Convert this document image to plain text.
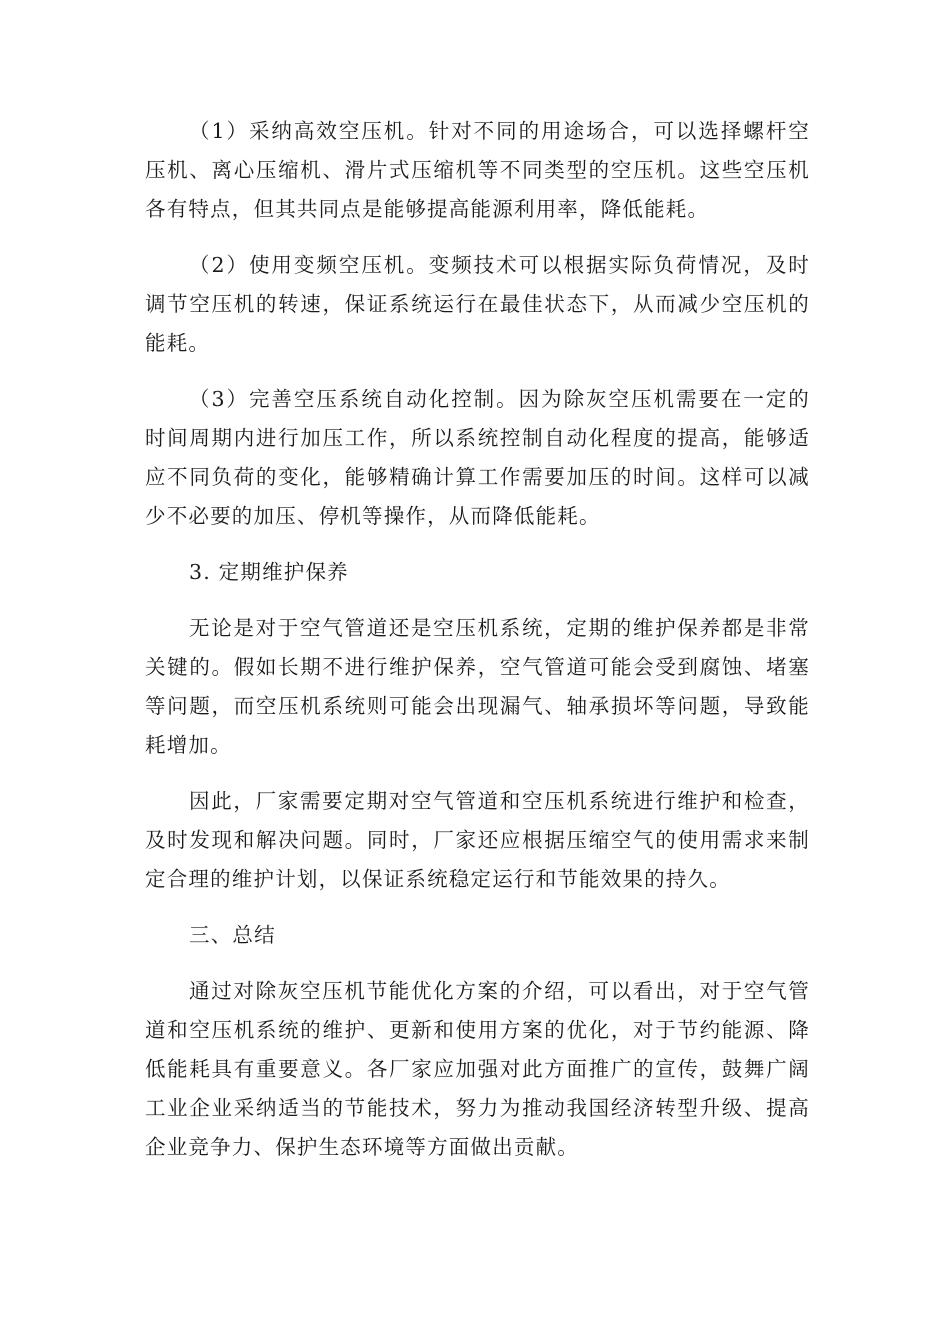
（1）采纳高效空压机。针对不同的用途场合，可以选择螺杆空压机、离心压缩机、滑片式压缩机等不同类型的空压机。这些空压机各有特点，但其共同点是能够提高能源利用率，降低能耗。

（2）使用变频空压机。变频技术可以根据实际负荷情况，及时调节空压机的转速，保证系统运行在最佳状态下，从而减少空压机的能耗。

（3）完善空压系统自动化控制。因为除灰空压机需要在一定的时间周期内进行加压工作，所以系统控制自动化程度的提高，能够适应不同负荷的变化，能够精确计算工作需要加压的时间。这样可以减少不必要的加压、停机等操作，从而降低能耗。

3. 定期维护保养

无论是对于空气管道还是空压机系统，定期的维护保养都是非常关键的。假如长期不进行维护保养，空气管道可能会受到腐蚀、堵塞等问题，而空压机系统则可能会出现漏气、轴承损坏等问题，导致能耗增加。

因此，厂家需要定期对空气管道和空压机系统进行维护和检查，及时发现和解决问题。同时，厂家还应根据压缩空气的使用需求来制定合理的维护计划，以保证系统稳定运行和节能效果的持久。

三、总结

通过对除灰空压机节能优化方案的介绍，可以看出，对于空气管道和空压机系统的维护、更新和使用方案的优化，对于节约能源、降低能耗具有重要意义。各厂家应加强对此方面推广的宣传，鼓舞广阔工业企业采纳适当的节能技术，努力为推动我国经济转型升级、提高企业竞争力、保护生态环境等方面做出贡献。
